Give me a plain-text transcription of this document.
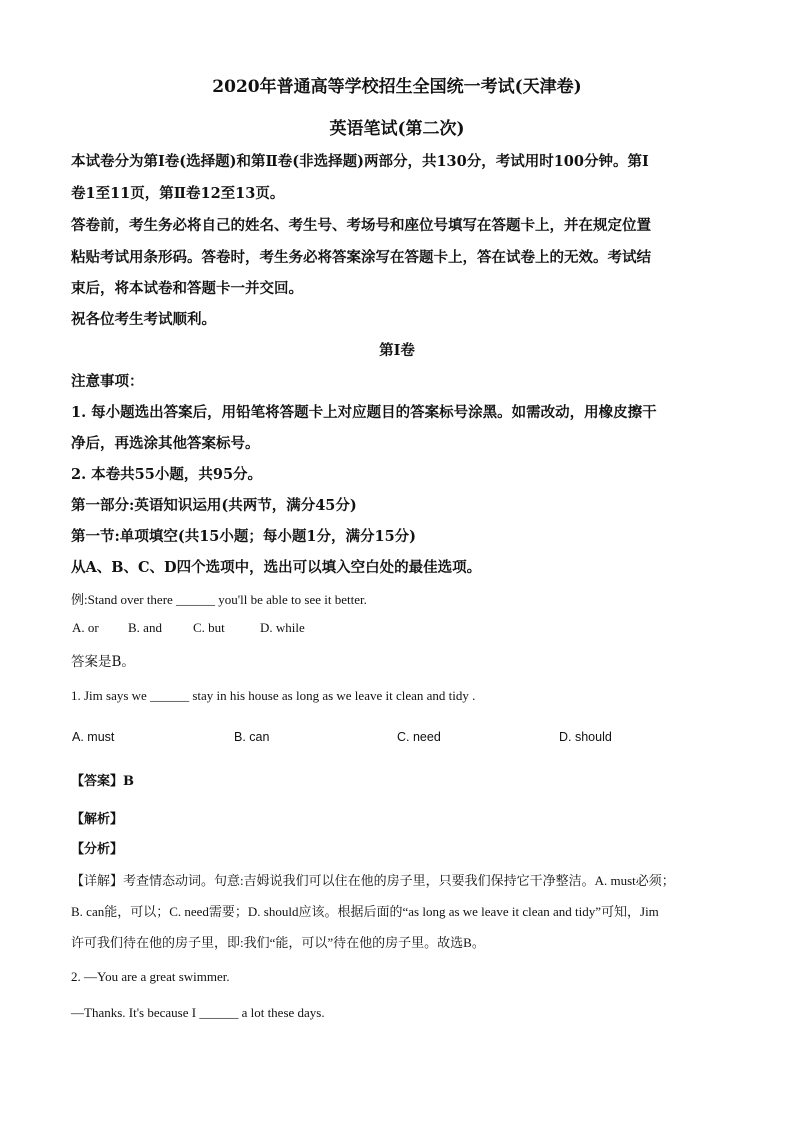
2020年普通高等学校招生全国统一考试(天津卷)
英语笔试(第二次)
本试卷分为第Ⅰ卷(选择题)和第Ⅱ卷(非选择题)两部分，共130分，考试用时100分钟。第Ⅰ
卷1至11页，第Ⅱ卷12至13页。
答卷前，考生务必将自己的姓名、考生号、考场号和座位号填写在答题卡上，并在规定位置
粘贴考试用条形码。答卷时，考生务必将答案涂写在答题卡上，答在试卷上的无效。考试结
束后，将本试卷和答题卡一并交回。
祝各位考生考试顺利。
第Ⅰ卷
注意事项：
1. 每小题选出答案后，用铅笔将答题卡上对应题目的答案标号涂黑。如需改动，用橡皮擦干
净后，再选涂其他答案标号。
2. 本卷共55小题，共95分。
第一部分:英语知识运用(共两节，满分45分)
第一节:单项填空(共15小题；每小题1分，满分15分)
从A、B、C、D四个选项中，选出可以填入空白处的最佳选项。
例:Stand over there ______ you'll be able to see it better.
A. or B. and C. but	D. while
答案是B。
1. Jim says we ______ stay in his house as long as we leave it clean and tidy .
A. must	B. can	C. need	D. should
【答案】B
【解析】
【分析】
【详解】考查情态动词。句意:吉姆说我们可以住在他的房子里，只要我们保持它干净整洁。A. must必须；
B. can能，可以；C. need需要；D. should应该。根据后面的“as long as we leave it clean and tidy”可知，Jim
许可我们待在他的房子里，即:我们“能，可以”待在他的房子里。故选B。
2. —You are a great swimmer.
—Thanks. It's because I ______ a lot these days.
